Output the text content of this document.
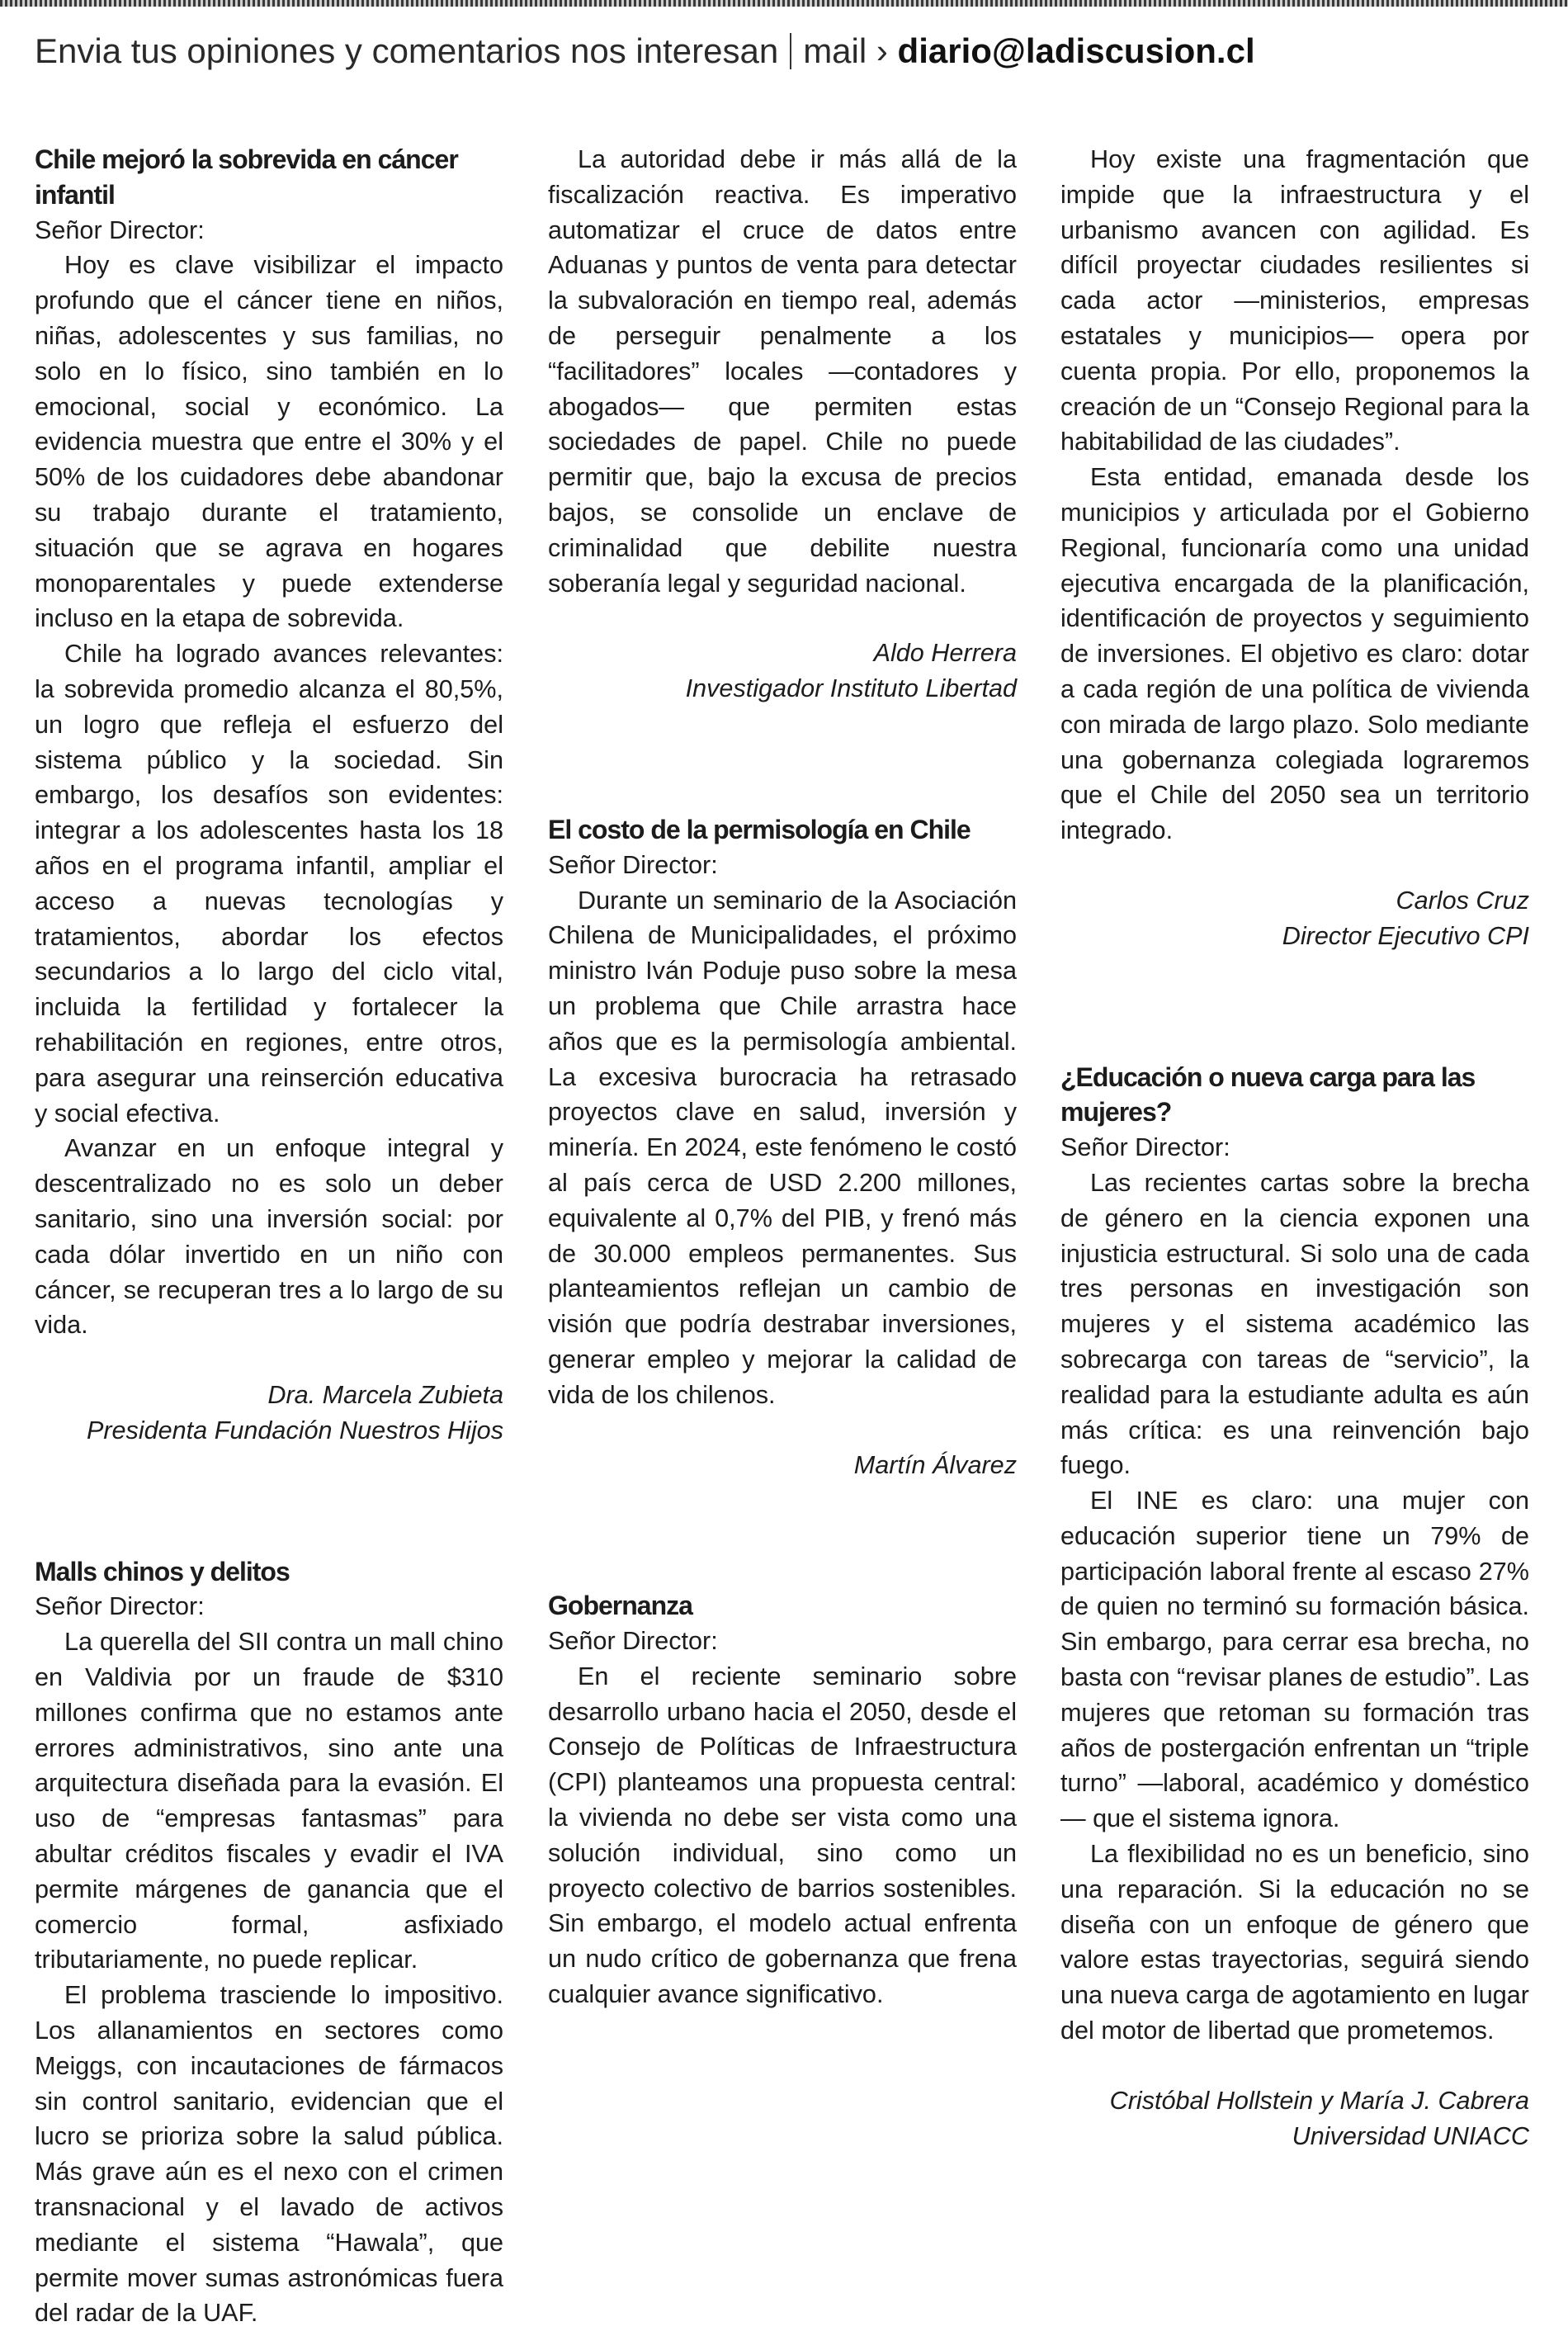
Envia tus opiniones y comentarios nos interesan mail › diario@ladiscusion.cl

Chile mejoró la sobrevida en cáncer infantil

Señor Director:

Hoy es clave visibilizar el impacto profundo que el cáncer tiene en niños, niñas, adolescentes y sus familias, no solo en lo físico, sino también en lo emocional, social y económico. La evidencia muestra que entre el 30% y el 50% de los cuidadores debe abandonar su trabajo durante el tratamiento, situación que se agrava en hogares monoparentales y puede extenderse incluso en la etapa de sobrevida.

Chile ha logrado avances relevantes: la sobrevida promedio alcanza el 80,5%, un logro que refleja el esfuerzo del sistema público y la sociedad. Sin embargo, los desafíos son evidentes: integrar a los adolescentes hasta los 18 años en el programa infantil, ampliar el acceso a nuevas tecnologías y tratamientos, abordar los efectos secundarios a lo largo del ciclo vital, incluida la fertilidad y fortalecer la rehabilitación en regiones, entre otros, para asegurar una reinserción educativa y social efectiva.

Avanzar en un enfoque integral y descentralizado no es solo un deber sanitario, sino una inversión social: por cada dólar invertido en un niño con cáncer, se recuperan tres a lo largo de su vida.

Dra. Marcela Zubieta

Presidenta Fundación Nuestros Hijos

Malls chinos y delitos

Señor Director:

La querella del SII contra un mall chino en Valdivia por un fraude de $310 millones confirma que no estamos ante errores administrativos, sino ante una arquitectura diseñada para la evasión. El uso de “empresas fantasmas” para abultar créditos fiscales y evadir el IVA permite márgenes de ganancia que el comercio formal, asfixiado tributariamente, no puede replicar.

El problema trasciende lo impositivo. Los allanamientos en sectores como Meiggs, con incautaciones de fármacos sin control sanitario, evidencian que el lucro se prioriza sobre la salud pública. Más grave aún es el nexo con el crimen transnacional y el lavado de activos mediante el sistema “Hawala”, que permite mover sumas astronómicas fuera del radar de la UAF.

La autoridad debe ir más allá de la fiscalización reactiva. Es imperativo automatizar el cruce de datos entre Aduanas y puntos de venta para detectar la subvaloración en tiempo real, además de perseguir penalmente a los “facilitadores” locales —contadores y abogados— que permiten estas sociedades de papel. Chile no puede permitir que, bajo la excusa de precios bajos, se consolide un enclave de criminalidad que debilite nuestra soberanía legal y seguridad nacional.

Aldo Herrera

Investigador Instituto Libertad

El costo de la permisología en Chile

Señor Director:

Durante un seminario de la Asociación Chilena de Municipalidades, el próximo ministro Iván Poduje puso sobre la mesa un problema que Chile arrastra hace años que es la permisología ambiental. La excesiva burocracia ha retrasado proyectos clave en salud, inversión y minería. En 2024, este fenómeno le costó al país cerca de USD 2.200 millones, equivalente al 0,7% del PIB, y frenó más de 30.000 empleos permanentes. Sus planteamientos reflejan un cambio de visión que podría destrabar inversiones, generar empleo y mejorar la calidad de vida de los chilenos.

Martín Álvarez

Gobernanza

Señor Director:

En el reciente seminario sobre desarrollo urbano hacia el 2050, desde el Consejo de Políticas de Infraestructura (CPI) planteamos una propuesta central: la vivienda no debe ser vista como una solución individual, sino como un proyecto colectivo de barrios sostenibles. Sin embargo, el modelo actual enfrenta un nudo crítico de gobernanza que frena cualquier avance significativo.

Hoy existe una fragmentación que impide que la infraestructura y el urbanismo avancen con agilidad. Es difícil proyectar ciudades resilientes si cada actor —ministerios, empresas estatales y municipios— opera por cuenta propia. Por ello, proponemos la creación de un “Consejo Regional para la habitabilidad de las ciudades”.

Esta entidad, emanada desde los municipios y articulada por el Gobierno Regional, funcionaría como una unidad ejecutiva encargada de la planificación, identificación de proyectos y seguimiento de inversiones. El objetivo es claro: dotar a cada región de una política de vivienda con mirada de largo plazo. Solo mediante una gobernanza colegiada lograremos que el Chile del 2050 sea un territorio integrado.

Carlos Cruz

Director Ejecutivo CPI

¿Educación o nueva carga para las mujeres?

Señor Director:

Las recientes cartas sobre la brecha de género en la ciencia exponen una injusticia estructural. Si solo una de cada tres personas en investigación son mujeres y el sistema académico las sobrecarga con tareas de “servicio”, la realidad para la estudiante adulta es aún más crítica: es una reinvención bajo fuego.

El INE es claro: una mujer con educación superior tiene un 79% de participación laboral frente al escaso 27% de quien no terminó su formación básica. Sin embargo, para cerrar esa brecha, no basta con “revisar planes de estudio”. Las mujeres que retoman su formación tras años de postergación enfrentan un “triple turno” —laboral, académico y doméstico— que el sistema ignora.

La flexibilidad no es un beneficio, sino una reparación. Si la educación no se diseña con un enfoque de género que valore estas trayectorias, seguirá siendo una nueva carga de agotamiento en lugar del motor de libertad que prometemos.

Cristóbal Hollstein y María J. Cabrera

Universidad UNIACC
